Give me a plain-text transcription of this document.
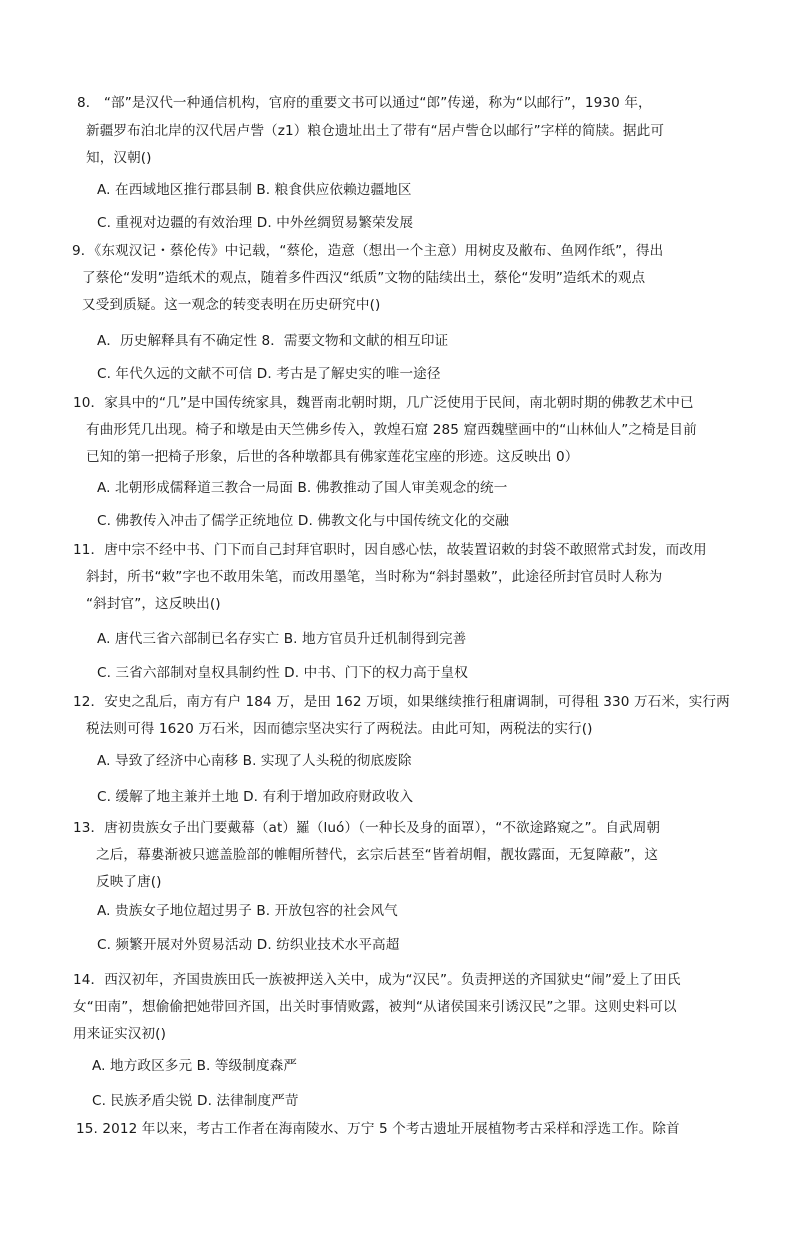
8． “部”是汉代一种通信机构，官府的重要文书可以通过“郎”传递，称为“以邮行”，1930 年，
新疆罗布泊北岸的汉代居卢訾（z1）粮仓遗址出土了带有“居卢訾仓以邮行”字样的简牍。据此可
知，汉朝()
A. 在西域地区推行郡县制 B. 粮食供应依赖边疆地区
C. 重视对边疆的有效治理 D. 中外丝绸贸易繁荣发展
9．《东观汉记・蔡伦传》中记载，“蔡伦，造意（想出一个主意）用树皮及敝布、鱼网作纸”，得出
了蔡伦“发明”造纸术的观点，随着多件西汉“纸质”文物的陆续出土，蔡伦“发明”造纸术的观点
又受到质疑。这一观念的转变表明在历史研究中()
A．历史解释具有不确定性 8．需要文物和文献的相互印证
C. 年代久远的文献不可信 D. 考古是了解史实的唯一途径
10．家具中的“几”是中国传统家具，魏晋南北朝时期，几广泛使用于民间，南北朝时期的佛教艺术中已
有曲形凭几出现。椅子和墩是由天竺佛乡传入，敦煌石窟 285 窟西魏壁画中的“山林仙人”之椅是目前
已知的第一把椅子形象，后世的各种墩都具有佛家莲花宝座的形迹。这反映出 0）
A. 北朝形成儒释道三教合一局面 B. 佛教推动了国人审美观念的统一
C. 佛教传入冲击了儒学正统地位 D. 佛教文化与中国传统文化的交融
11．唐中宗不经中书、门下而自己封拜官职时，因自感心怯，故装置诏敕的封袋不敢照常式封发，而改用
斜封，所书“敕”字也不敢用朱笔，而改用墨笔，当时称为“斜封墨敕”，此途径所封官员时人称为
“斜封官”，这反映出()
A. 唐代三省六部制已名存实亡 B. 地方官员升迁机制得到完善
C. 三省六部制对皇权具制约性 D. 中书、门下的权力高于皇权
12．安史之乱后，南方有户 184 万，是田 162 万顷，如果继续推行租庸调制，可得租 330 万石米，实行两
税法则可得 1620 万石米，因而德宗坚决实行了两税法。由此可知，两税法的实行()
A. 导致了经济中心南移 B. 实现了人头税的彻底废除
C. 缓解了地主兼并土地 D. 有利于增加政府财政收入
13．唐初贵族女子出门要戴幕（at）羅（luó）（一种长及身的面罩），“不欲途路窥之”。自武周朝
之后，幕婁渐被只遮盖脸部的帷帽所替代，玄宗后甚至“皆着胡帽，靓妆露面，无复障蔽”，这
反映了唐()
A. 贵族女子地位超过男子 B. 开放包容的社会风气
C. 频繁开展对外贸易活动 D. 纺织业技术水平高超
14．西汉初年，齐国贵族田氏一族被押送入关中，成为“汉民”。负责押送的齐国狱史“闹”爱上了田氏
女“田南”，想偷偷把她带回齐国，出关时事情败露，被判“从诸侯国来引诱汉民”之罪。这则史料可以
用来证实汉初()
A. 地方政区多元 B. 等级制度森严
C. 民族矛盾尖锐 D. 法律制度严苛
15. 2012 年以来，考古工作者在海南陵水、万宁 5 个考古遗址开展植物考古采样和浮选工作。除首
